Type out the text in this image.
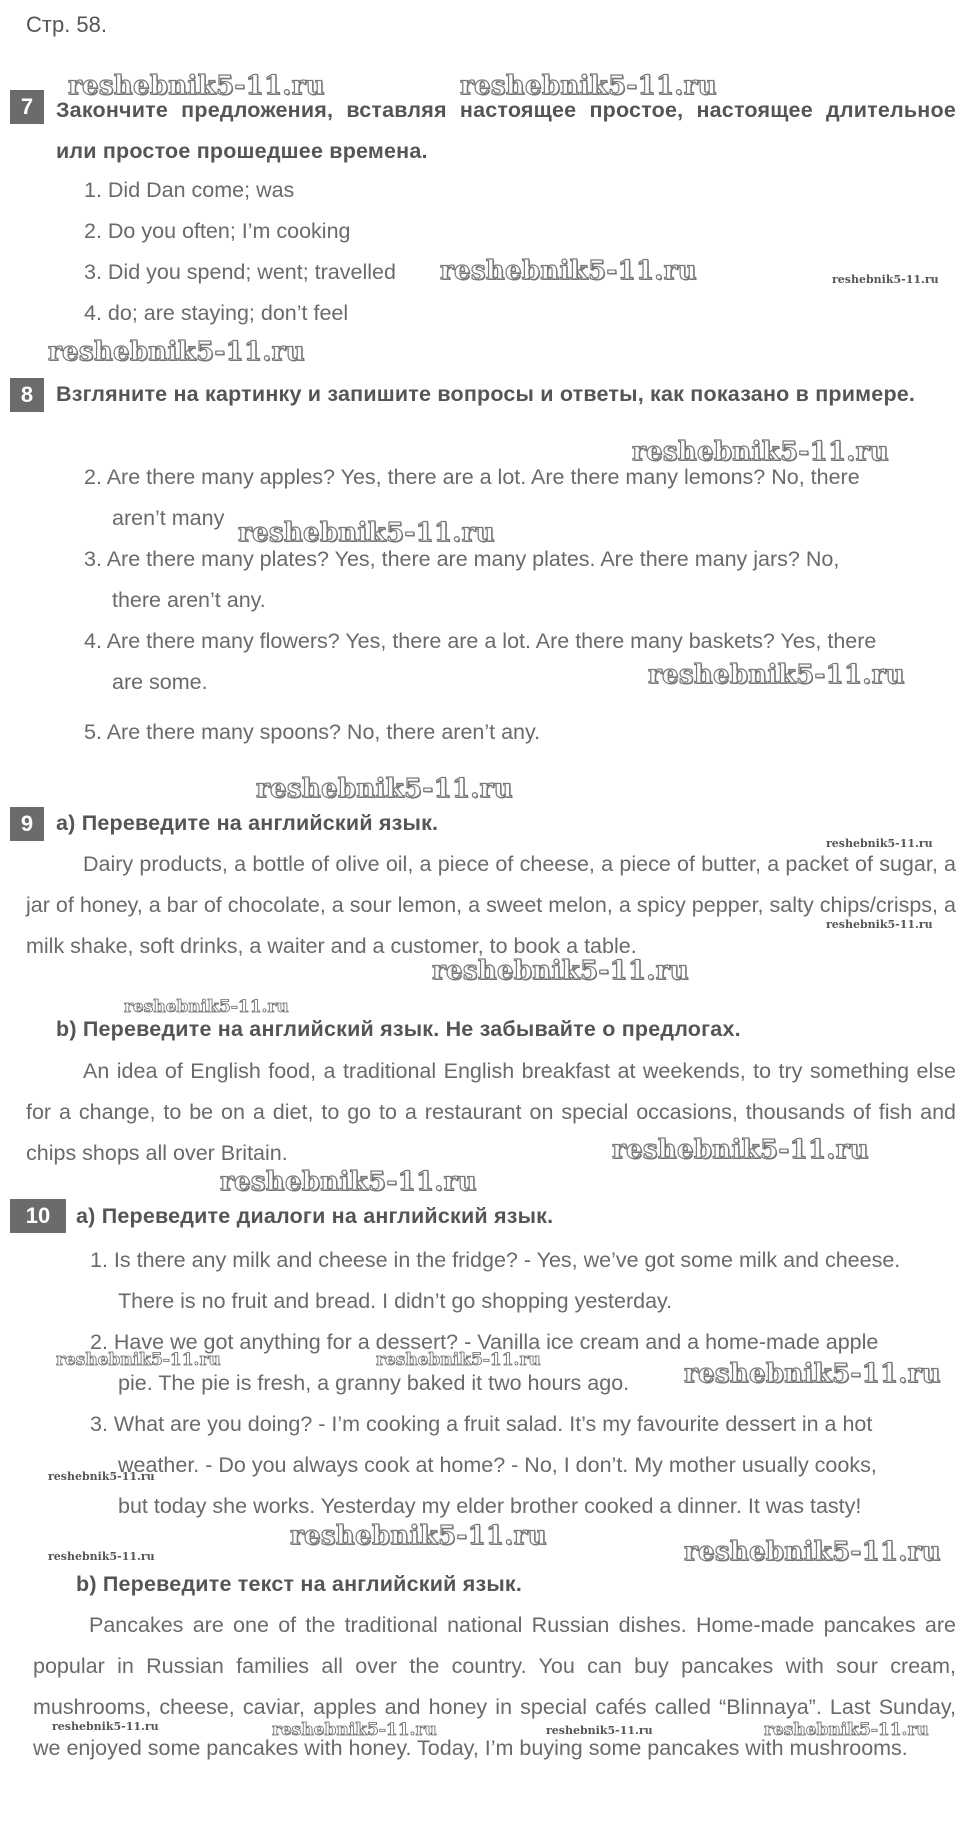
Стр. 58.
7	Закончите предложения, вставляя настоящее простое, настоящее длительное или простое прошедшее времена.
1. Did Dan come; was
2. Do you often; I’m cooking
3. Did you spend; went; travelled
4. do; are staying; don’t feel
8	Взгляните на картинку и запишите вопросы и ответы, как показано в примере.
2. Are there many apples? Yes, there are a lot. Are there many lemons? No, there
aren’t many
3. Are there many plates? Yes, there are many plates. Are there many jars? No,
there aren’t any.
4. Are there many flowers? Yes, there are a lot. Are there many baskets? Yes, there
are some.
5. Are there many spoons? No, there aren’t any.
9	a) Переведите на английский язык.
Dairy products, a bottle of olive oil, a piece of cheese, a piece of butter, a packet of sugar, a jar of honey, a bar of chocolate, a sour lemon, a sweet melon, a spicy pepper, salty chips/crisps, a milk shake, soft drinks, a waiter and a customer, to book a table.
b) Переведите на английский язык. Не забывайте о предлогах.
An idea of English food, a traditional English breakfast at weekends, to try something else for a change, to be on a diet, to go to a restaurant on special occasions, thousands of fish and chips shops all over Britain.
10	a) Переведите диалоги на английский язык.
1. Is there any milk and cheese in the fridge? - Yes, we’ve got some milk and cheese.
There is no fruit and bread. I didn’t go shopping yesterday.
2. Have we got anything for a dessert? - Vanilla ice cream and a home-made apple
pie. The pie is fresh, a granny baked it two hours ago.
3. What are you doing? - I’m cooking a fruit salad. It’s my favourite dessert in a hot
weather. - Do you always cook at home? - No, I don’t. My mother usually cooks,
but today she works. Yesterday my elder brother cooked a dinner. It was tasty!
b) Переведите текст на английский язык.
Pancakes are one of the traditional national Russian dishes. Home-made pancakes are popular in Russian families all over the country. You can buy pancakes with sour cream, mushrooms, cheese, caviar, apples and honey in special cafés called “Blinnaya”. Last Sunday, we enjoyed some pancakes with honey. Today, I’m buying some pancakes with mushrooms.
reshebnik5-11.ru	reshebnik5-11.ru
reshebnik5-11.ru
reshebnik5-11.ru
reshebnik5-11.ru
reshebnik5-11.ru
reshebnik5-11.ru
reshebnik5-11.ru
reshebnik5-11.ru
reshebnik5-11.ru
reshebnik5-11.ru
reshebnik5-11.ru
reshebnik5-11.ru
reshebnik5-11.ru
reshebnik5-11.ru
reshebnik5-11.ru	reshebnik5-11.ru
reshebnik5-11.ru	reshebnik5-11.ru
reshebnik5-11.ru
reshebnik5-11.ru
reshebnik5-11.ru
reshebnik5-11.ru
reshebnik5-11.ru
reshebnik5-11.ru	reshebnik5-11.ru
